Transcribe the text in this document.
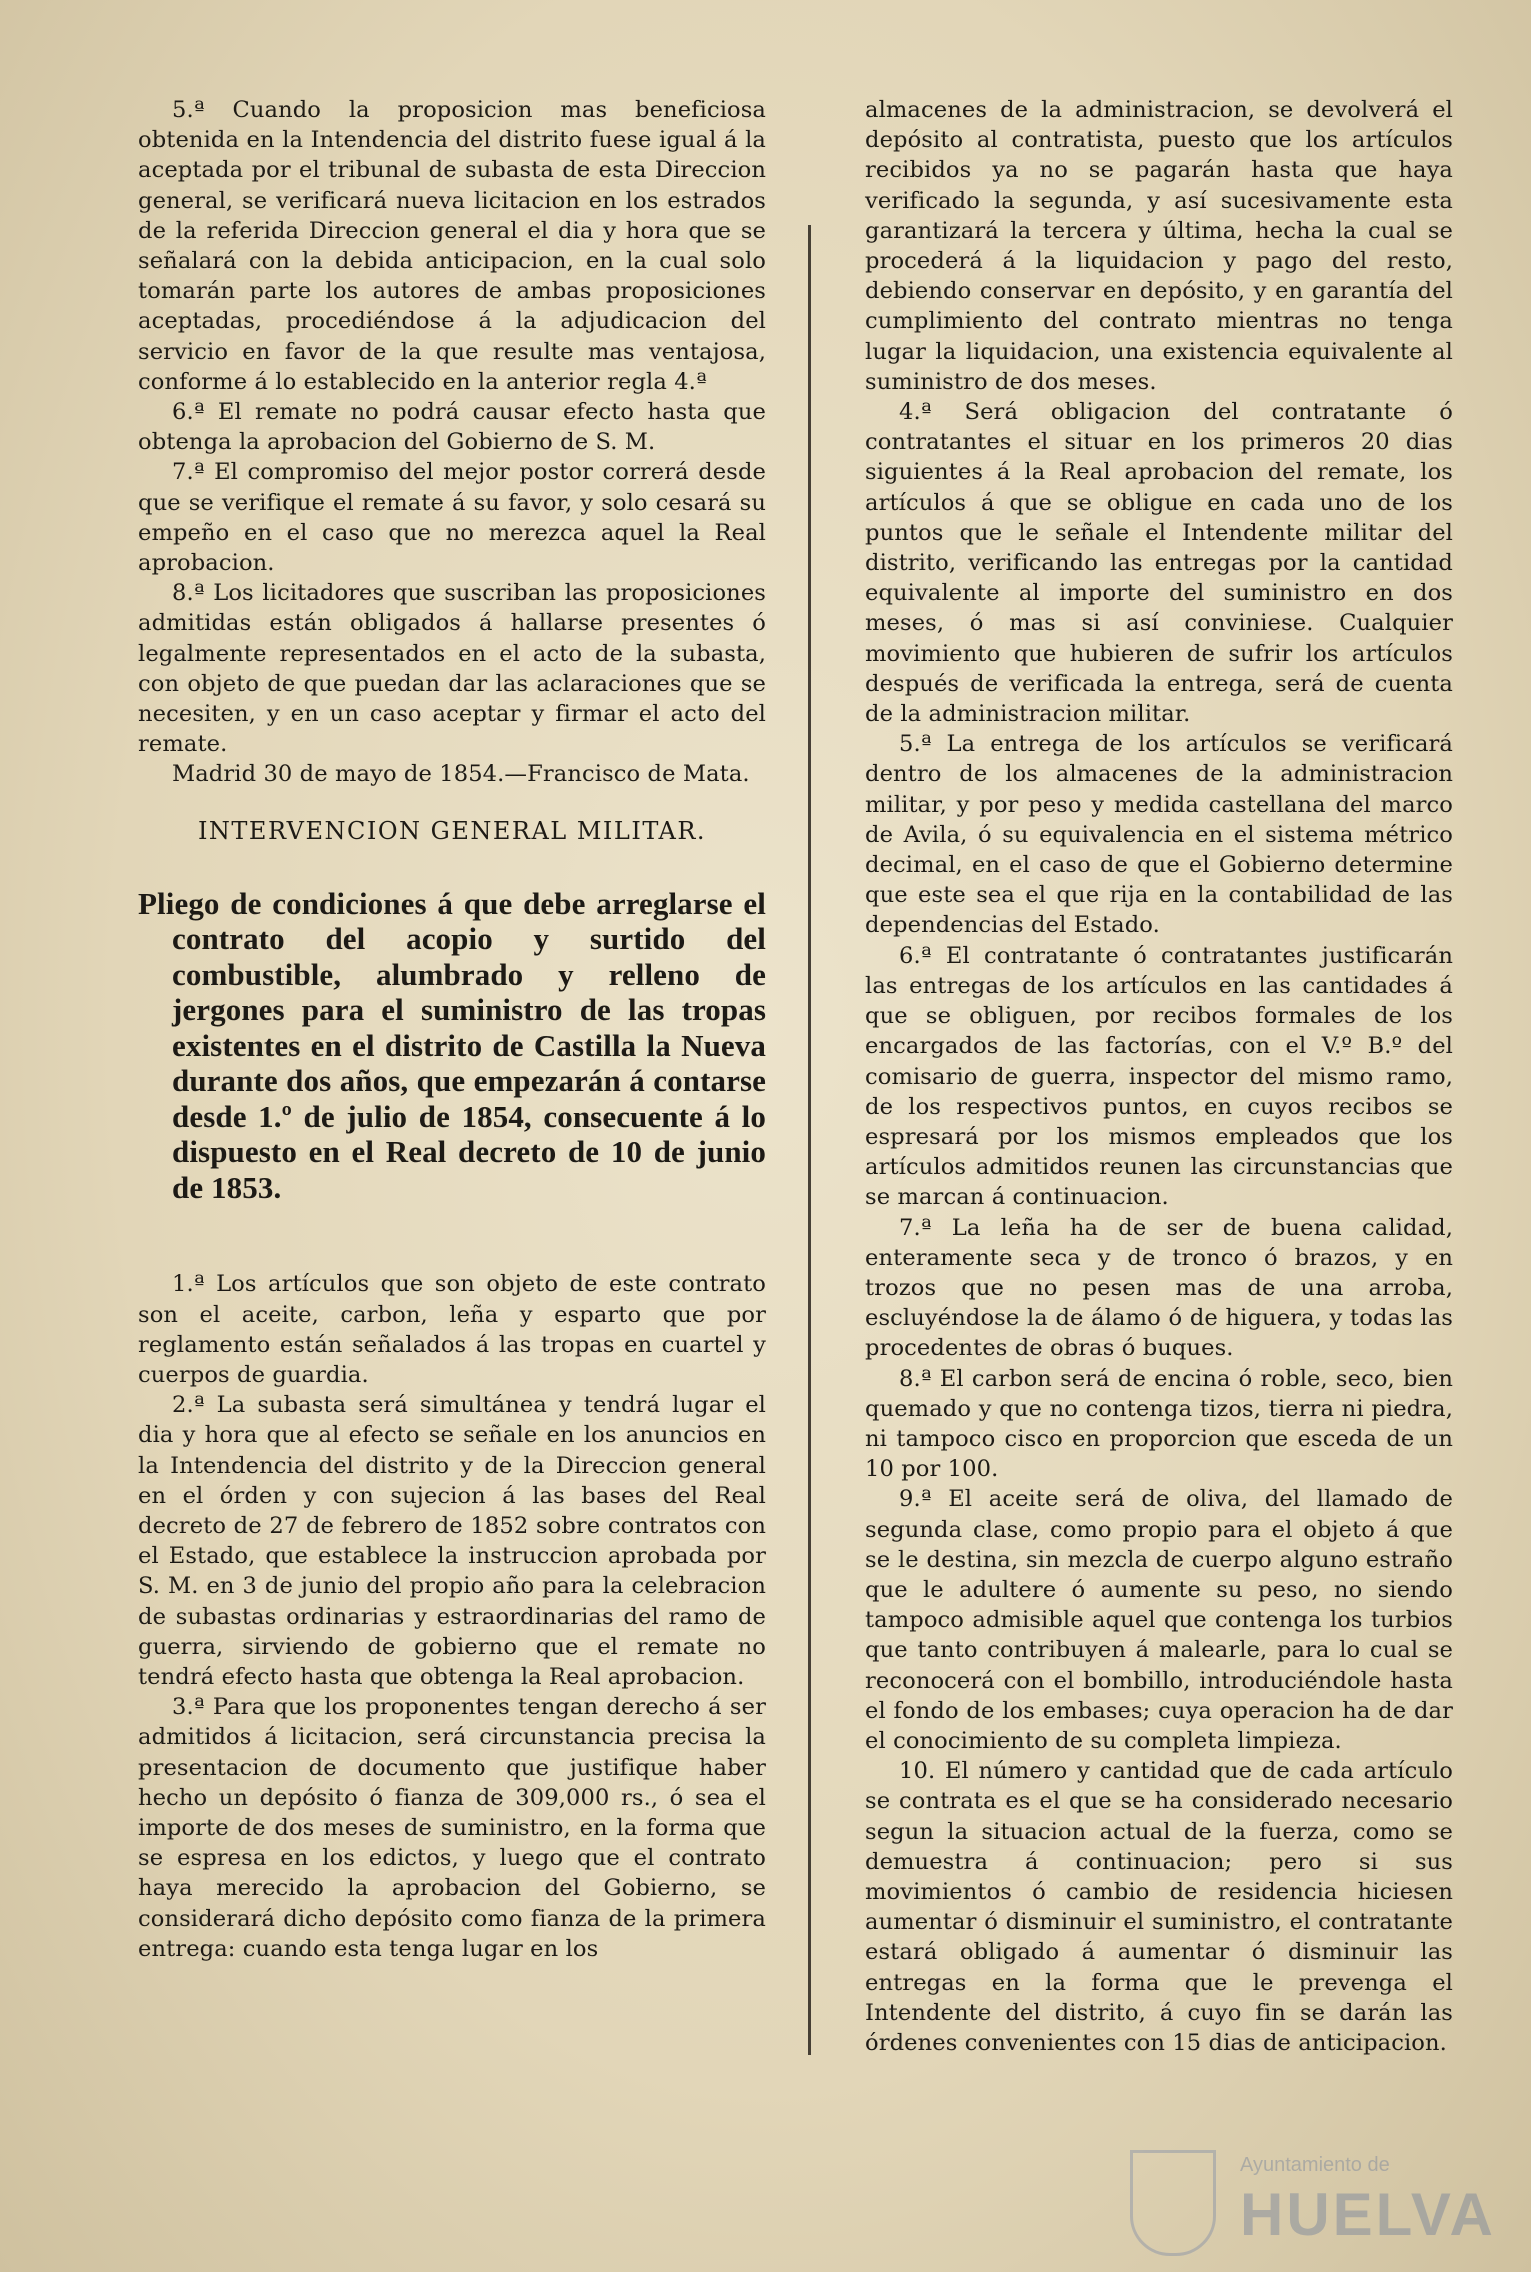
5.ª Cuando la proposicion mas beneficiosa obtenida en la Intendencia del distrito fuese igual á la aceptada por el tribunal de subasta de esta Direccion general, se verificará nueva licitacion en los estrados de la referida Direccion general el dia y hora que se señalará con la debida anticipacion, en la cual solo tomarán parte los autores de ambas proposiciones aceptadas, procediéndose á la adjudicacion del servicio en favor de la que resulte mas ventajosa, conforme á lo establecido en la anterior regla 4.ª

6.ª El remate no podrá causar efecto hasta que obtenga la aprobacion del Gobierno de S. M.

7.ª El compromiso del mejor postor correrá desde que se verifique el remate á su favor, y solo cesará su empeño en el caso que no merezca aquel la Real aprobacion.

8.ª Los licitadores que suscriban las proposiciones admitidas están obligados á hallarse presentes ó legalmente representados en el acto de la subasta, con objeto de que puedan dar las aclaraciones que se necesiten, y en un caso aceptar y firmar el acto del remate.

Madrid 30 de mayo de 1854.—Francisco de Mata.

INTERVENCION GENERAL MILITAR.
Pliego de condiciones á que debe arreglarse el contrato del acopio y surtido del combustible, alumbrado y relleno de jergones para el suministro de las tropas existentes en el distrito de Castilla la Nueva durante dos años, que empezarán á contarse desde 1.º de julio de 1854, consecuente á lo dispuesto en el Real decreto de 10 de junio de 1853.

1.ª Los artículos que son objeto de este contrato son el aceite, carbon, leña y esparto que por reglamento están señalados á las tropas en cuartel y cuerpos de guardia.

2.ª La subasta será simultánea y tendrá lugar el dia y hora que al efecto se señale en los anuncios en la Intendencia del distrito y de la Direccion general en el órden y con sujecion á las bases del Real decreto de 27 de febrero de 1852 sobre contratos con el Estado, que establece la instruccion aprobada por S. M. en 3 de junio del propio año para la celebracion de subastas ordinarias y estraordinarias del ramo de guerra, sirviendo de gobierno que el remate no tendrá efecto hasta que obtenga la Real aprobacion.

3.ª Para que los proponentes tengan derecho á ser admitidos á licitacion, será circunstancia precisa la presentacion de documento que justifique haber hecho un depósito ó fianza de 309,000 rs., ó sea el importe de dos meses de suministro, en la forma que se espresa en los edictos, y luego que el contrato haya merecido la aprobacion del Gobierno, se considerará dicho depósito como fianza de la primera entrega: cuando esta tenga lugar en los

almacenes de la administracion, se devolverá el depósito al contratista, puesto que los artículos recibidos ya no se pagarán hasta que haya verificado la segunda, y así sucesivamente esta garantizará la tercera y última, hecha la cual se procederá á la liquidacion y pago del resto, debiendo conservar en depósito, y en garantía del cumplimiento del contrato mientras no tenga lugar la liquidacion, una existencia equivalente al suministro de dos meses.

4.ª Será obligacion del contratante ó contratantes el situar en los primeros 20 dias siguientes á la Real aprobacion del remate, los artículos á que se obligue en cada uno de los puntos que le señale el Intendente militar del distrito, verificando las entregas por la cantidad equivalente al importe del suministro en dos meses, ó mas si así conviniese. Cualquier movimiento que hubieren de sufrir los artículos después de verificada la entrega, será de cuenta de la administracion militar.

5.ª La entrega de los artículos se verificará dentro de los almacenes de la administracion militar, y por peso y medida castellana del marco de Avila, ó su equivalencia en el sistema métrico decimal, en el caso de que el Gobierno determine que este sea el que rija en la contabilidad de las dependencias del Estado.

6.ª El contratante ó contratantes justificarán las entregas de los artículos en las cantidades á que se obliguen, por recibos formales de los encargados de las factorías, con el V.º B.º del comisario de guerra, inspector del mismo ramo, de los respectivos puntos, en cuyos recibos se espresará por los mismos empleados que los artículos admitidos reunen las circunstancias que se marcan á continuacion.

7.ª La leña ha de ser de buena calidad, enteramente seca y de tronco ó brazos, y en trozos que no pesen mas de una arroba, escluyéndose la de álamo ó de higuera, y todas las procedentes de obras ó buques.

8.ª El carbon será de encina ó roble, seco, bien quemado y que no contenga tizos, tierra ni piedra, ni tampoco cisco en proporcion que esceda de un 10 por 100.

9.ª El aceite será de oliva, del llamado de segunda clase, como propio para el objeto á que se le destina, sin mezcla de cuerpo alguno estraño que le adultere ó aumente su peso, no siendo tampoco admisible aquel que contenga los turbios que tanto contribuyen á malearle, para lo cual se reconocerá con el bombillo, introduciéndole hasta el fondo de los embases; cuya operacion ha de dar el conocimiento de su completa limpieza.

10. El número y cantidad que de cada artículo se contrata es el que se ha considerado necesario segun la situacion actual de la fuerza, como se demuestra á continuacion; pero si sus movimientos ó cambio de residencia hiciesen aumentar ó disminuir el suministro, el contratante estará obligado á aumentar ó disminuir las entregas en la forma que le prevenga el Intendente del distrito, á cuyo fin se darán las órdenes convenientes con 15 dias de anticipacion.

Ayuntamiento de
HUELVA
